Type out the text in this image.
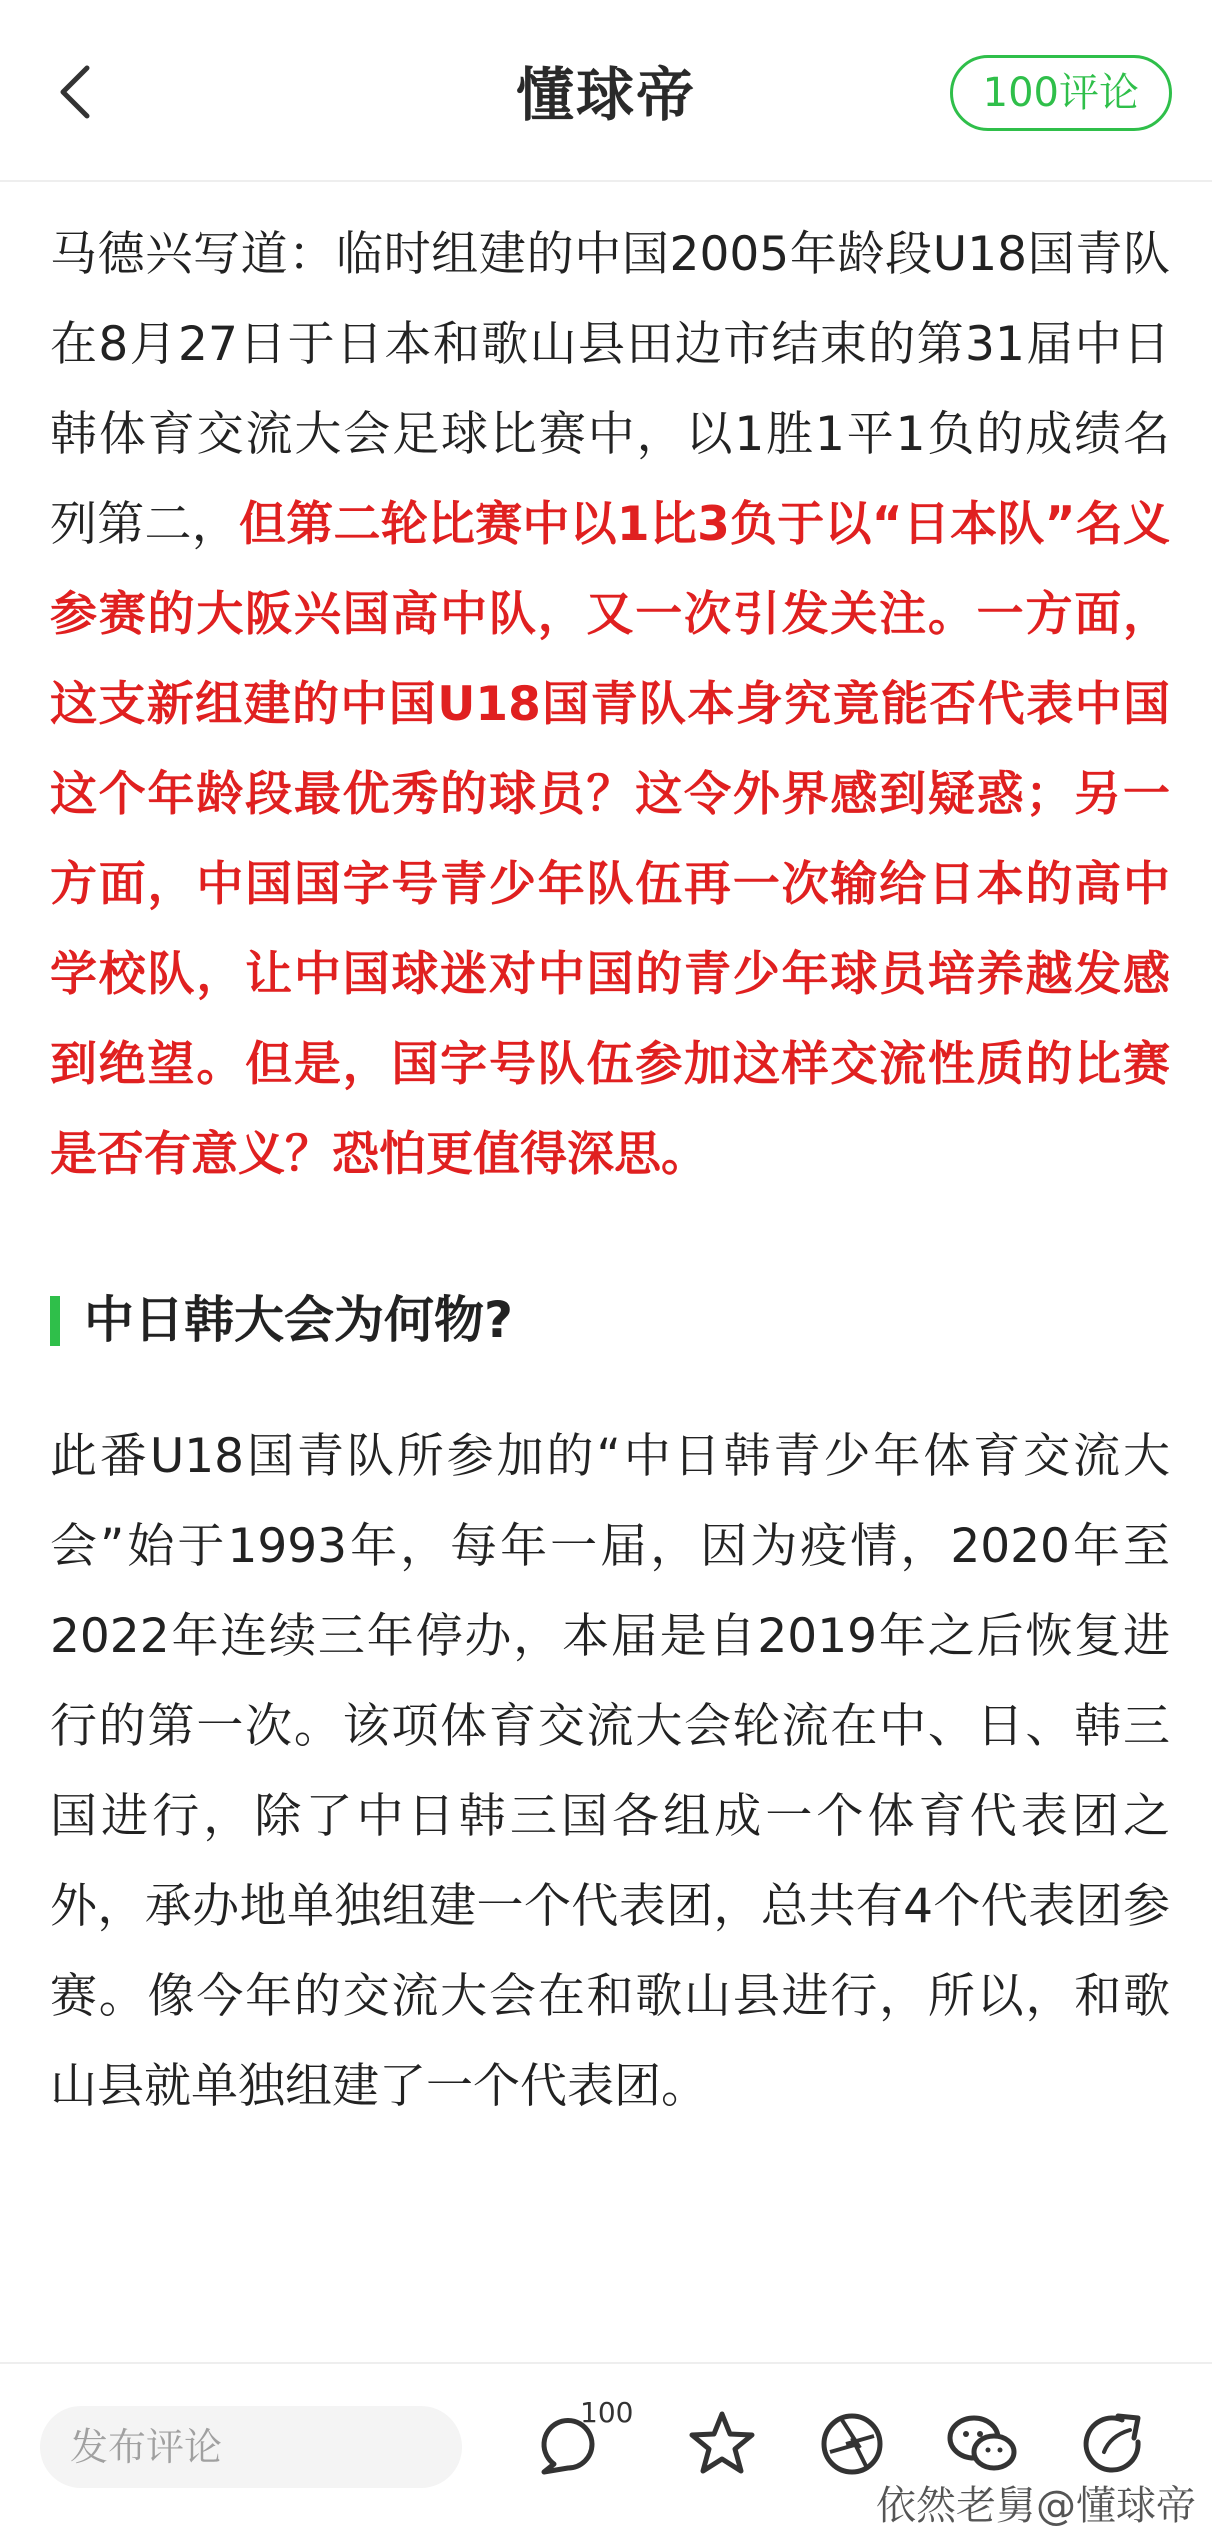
懂球帝	100评论

马德兴写道：临时组建的中国2005年龄段U18国青队在8月27日于日本和歌山县田边市结束的第31届中日韩体育交流大会足球比赛中，以1胜1平1负的成绩名列第二，但第二轮比赛中以1比3负于以“日本队”名义参赛的大阪兴国高中队，又一次引发关注。一方面，这支新组建的中国U18国青队本身究竟能否代表中国这个年龄段最优秀的球员？这令外界感到疑惑；另一方面，中国国字号青少年队伍再一次输给日本的高中学校队，让中国球迷对中国的青少年球员培养越发感到绝望。但是，国字号队伍参加这样交流性质的比赛是否有意义？恐怕更值得深思。

中日韩大会为何物?

此番U18国青队所参加的“中日韩青少年体育交流大会”始于1993年，每年一届，因为疫情，2020年至2022年连续三年停办，本届是自2019年之后恢复进行的第一次。该项体育交流大会轮流在中、日、韩三国进行，除了中日韩三国各组成一个体育代表团之外，承办地单独组建一个代表团，总共有4个代表团参赛。像今年的交流大会在和歌山县进行，所以，和歌山县就单独组建了一个代表团。

发布评论
100
依然老舅@懂球帝
